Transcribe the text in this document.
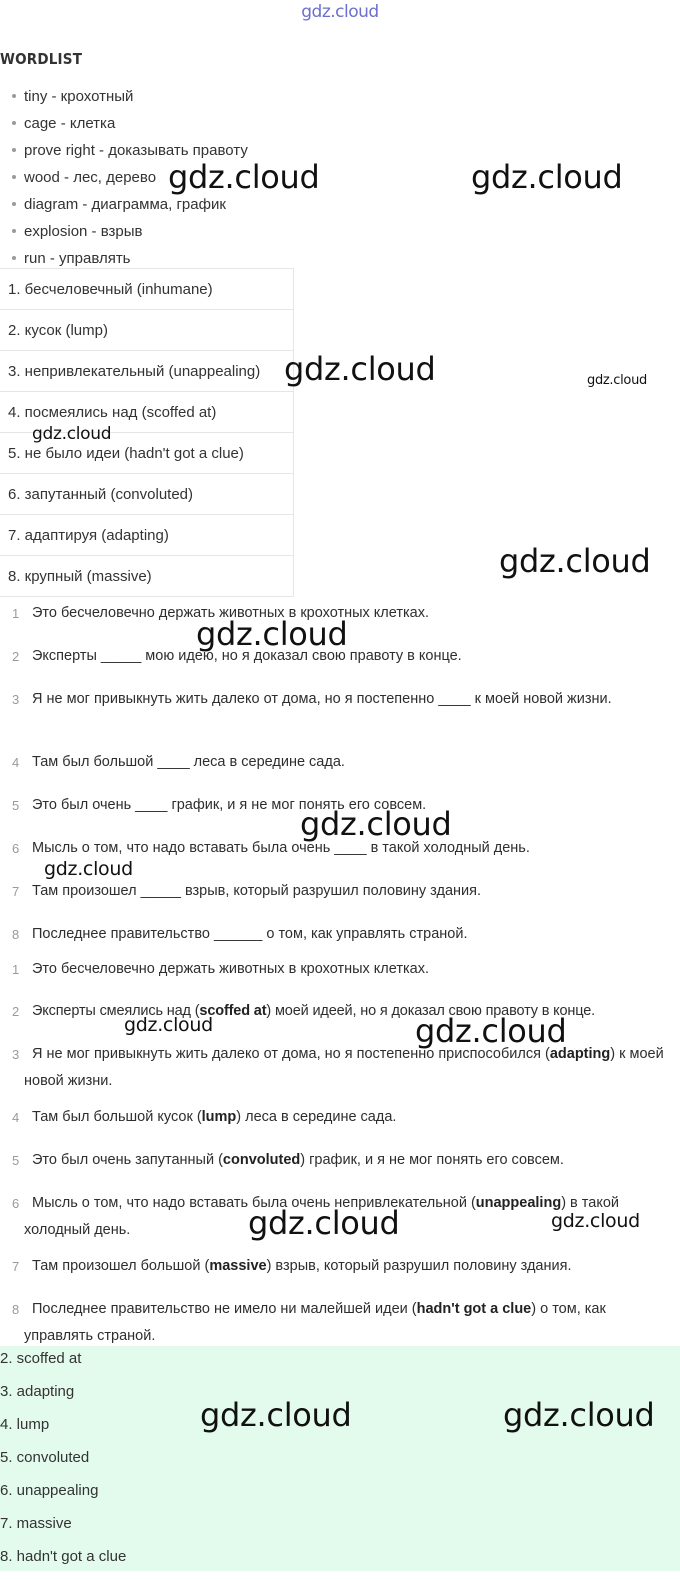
gdz.cloud
WORDLIST
tiny - крохотный
cage - клетка
prove right - доказывать правоту
wood - лес, дерево
diagram - диаграмма, график
explosion - взрыв
run - управлять
1. бесчеловечный (inhumane)
2. кусок (lump)
3. непривлекательный (unappealing)
4. посмеялись над (scoffed at)
5. не было идеи (hadn't got a clue)
6. запутанный (convoluted)
7. адаптируя (adapting)
8. крупный (massive)
1 Это бесчеловечно держать животных в крохотных клетках.
2 Эксперты _____ мою идею, но я доказал свою правоту в конце.
3 Я не мог привыкнуть жить далеко от дома, но я постепенно ____ к моей новой жизни.
4 Там был большой ____ леса в середине сада.
5 Это был очень ____ график, и я не мог понять его совсем.
6 Мысль о том, что надо вставать была очень ____ в такой холодный день.
7 Там произошел _____ взрыв, который разрушил половину здания.
8 Последнее правительство ______ о том, как управлять страной.
1 Это бесчеловечно держать животных в крохотных клетках.
2 Эксперты смеялись над (scoffed at) моей идеей, но я доказал свою правоту в конце.
3 Я не мог привыкнуть жить далеко от дома, но я постепенно приспособился (adapting) к моей новой жизни.
4 Там был большой кусок (lump) леса в середине сада.
5 Это был очень запутанный (convoluted) график, и я не мог понять его совсем.
6 Мысль о том, что надо вставать была очень непривлекательной (unappealing) в такой холодный день.
7 Там произошел большой (massive) взрыв, который разрушил половину здания.
8 Последнее правительство не имело ни малейшей идеи (hadn't got a clue) о том, как управлять страной.
2. scoffed at
3. adapting
4. lump
5. convoluted
6. unappealing
7. massive
8. hadn't got a clue
gdz.cloud	gdz.cloud
gdz.cloud	gdz.cloud
gdz.cloud
gdz.cloud
gdz.cloud
gdz.cloud
gdz.cloud
gdz.cloud	gdz.cloud
gdz.cloud	gdz.cloud
gdz.cloud	gdz.cloud
